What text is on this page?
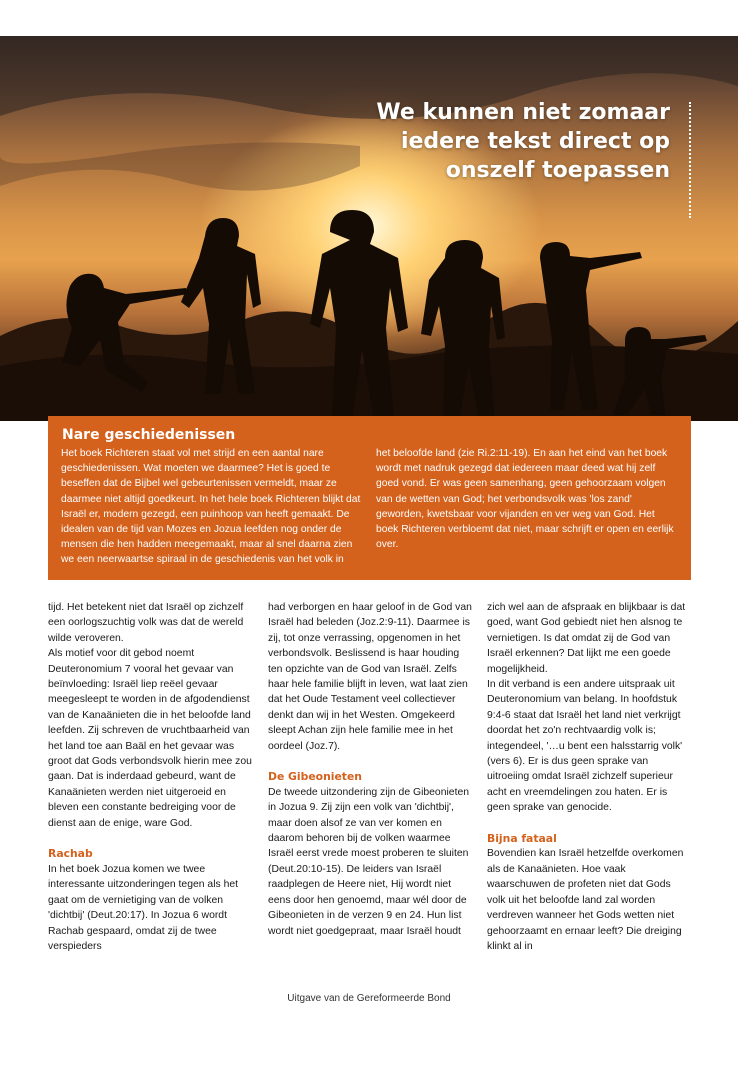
We kunnen niet zomaar
iedere tekst direct op
onszelf toepassen
Nare geschiedenissen

Het boek Richteren staat vol met strijd en een aantal nare geschiedenissen. Wat moeten we daarmee? Het is goed te beseffen dat de Bijbel wel gebeurtenissen vermeldt, maar ze daarmee niet altijd goedkeurt. In het hele boek Richteren blijkt dat Israël er, modern gezegd, een puinhoop van heeft gemaakt. De idealen van de tijd van Mozes en Jozua leefden nog onder de mensen die hen hadden meegemaakt, maar al snel daarna zien we een neerwaartse spiraal in de geschiedenis van het volk in

het beloofde land (zie Ri.2:11-19). En aan het eind van het boek wordt met nadruk gezegd dat iedereen maar deed wat hij zelf goed vond. Er was geen samenhang, geen gehoorzaam volgen van de wetten van God; het verbondsvolk was 'los zand' geworden, kwetsbaar voor vijanden en ver weg van God. Het boek Richteren verbloemt dat niet, maar schrijft er open en eerlijk over.

tijd. Het betekent niet dat Israël op zichzelf een oorlogszuchtig volk was dat de wereld wilde veroveren.

Als motief voor dit gebod noemt Deuteronomium 7 vooral het gevaar van beïnvloeding: Israël liep reëel gevaar meegesleept te worden in de afgodendienst van de Kanaänieten die in het beloofde land leefden. Zij schreven de vruchtbaarheid van het land toe aan Baäl en het gevaar was groot dat Gods verbondsvolk hierin mee zou gaan. Dat is inderdaad gebeurd, want de Kanaänieten werden niet uitgeroeid en bleven een constante bedreiging voor de dienst aan de enige, ware God.

Rachab

In het boek Jozua komen we twee interessante uitzonderingen tegen als het gaat om de vernietiging van de volken 'dichtbij' (Deut.20:17). In Jozua 6 wordt Rachab gespaard, omdat zij de twee verspieders

had verborgen en haar geloof in de God van Israël had beleden (Joz.2:9-11). Daarmee is zij, tot onze verrassing, opgenomen in het verbondsvolk. Beslissend is haar houding ten opzichte van de God van Israël. Zelfs haar hele familie blijft in leven, wat laat zien dat het Oude Testament veel collectiever denkt dan wij in het Westen. Omgekeerd sleept Achan zijn hele familie mee in het oordeel (Joz.7).

De Gibeonieten

De tweede uitzondering zijn de Gibeonieten in Jozua 9. Zij zijn een volk van 'dichtbij', maar doen alsof ze van ver komen en daarom behoren bij de volken waarmee Israël eerst vrede moest proberen te sluiten (Deut.20:10-15). De leiders van Israël raadplegen de Heere niet, Hij wordt niet eens door hen genoemd, maar wél door de Gibeonieten in de verzen 9 en 24. Hun list wordt niet goedgepraat, maar Israël houdt

zich wel aan de afspraak en blijkbaar is dat goed, want God gebiedt niet hen alsnog te vernietigen. Is dat omdat zij de God van Israël erkennen? Dat lijkt me een goede mogelijkheid.

In dit verband is een andere uitspraak uit Deuteronomium van belang. In hoofdstuk 9:4-6 staat dat Israël het land niet verkrijgt doordat het zo'n rechtvaardig volk is; integendeel, '…u bent een halsstarrig volk' (vers 6). Er is dus geen sprake van uitroeiing omdat Israël zichzelf superieur acht en vreemdelingen zou haten. Er is geen sprake van genocide.

Bijna fataal

Bovendien kan Israël hetzelfde overkomen als de Kanaänieten. Hoe vaak waarschuwen de profeten niet dat Gods volk uit het beloofde land zal worden verdreven wanneer het Gods wetten niet gehoorzaamt en ernaar leeft? Die dreiging klinkt al in

Uitgave van de Gereformeerde Bond
